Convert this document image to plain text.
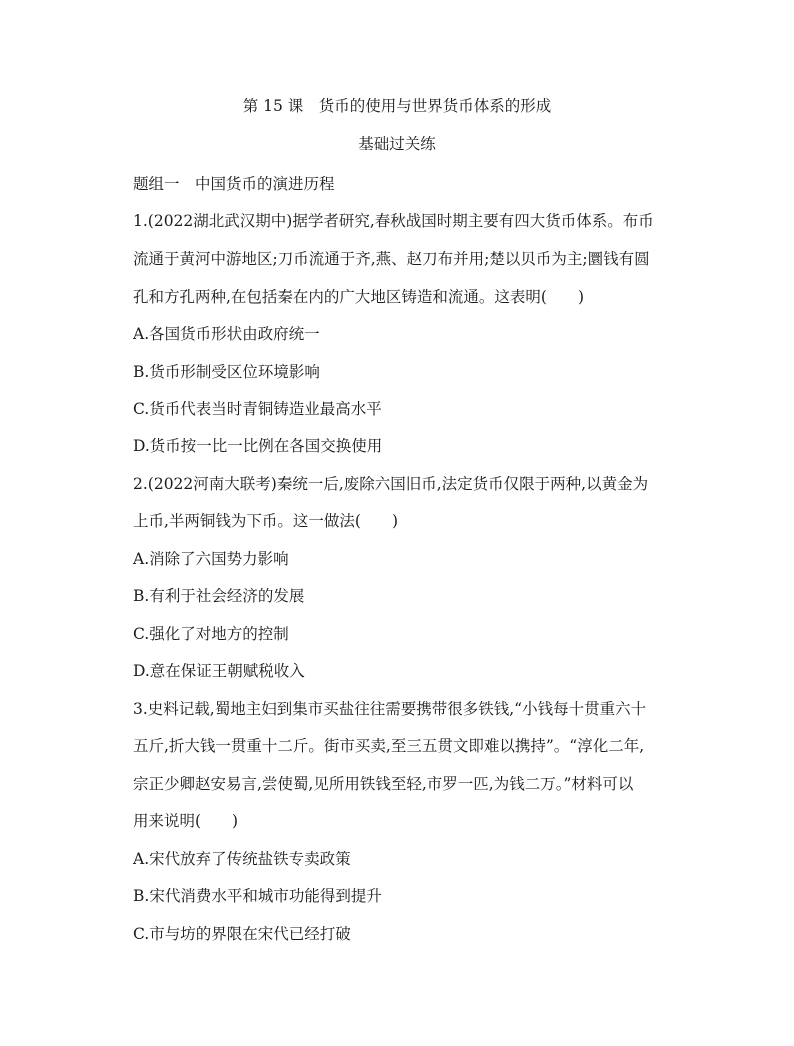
第 15 课　货币的使用与世界货币体系的形成
基础过关练
题组一　中国货币的演进历程
1.(2022湖北武汉期中)据学者研究,春秋战国时期主要有四大货币体系。布币
流通于黄河中游地区;刀币流通于齐,燕、赵刀布并用;楚以贝币为主;圜钱有圆
孔和方孔两种,在包括秦在内的广大地区铸造和流通。这表明(　　)
A.各国货币形状由政府统一
B.货币形制受区位环境影响
C.货币代表当时青铜铸造业最高水平
D.货币按一比一比例在各国交换使用
2.(2022河南大联考)秦统一后,废除六国旧币,法定货币仅限于两种,以黄金为
上币,半两铜钱为下币。这一做法(　　)
A.消除了六国势力影响
B.有利于社会经济的发展
C.强化了对地方的控制
D.意在保证王朝赋税收入
3.史料记载,蜀地主妇到集市买盐往往需要携带很多铁钱,“小钱每十贯重六十
五斤,折大钱一贯重十二斤。街市买卖,至三五贯文即难以携持”。“淳化二年,
宗正少卿赵安易言,尝使蜀,见所用铁钱至轻,市罗一匹,为钱二万。”材料可以
用来说明(　　)
A.宋代放弃了传统盐铁专卖政策
B.宋代消费水平和城市功能得到提升
C.市与坊的界限在宋代已经打破
